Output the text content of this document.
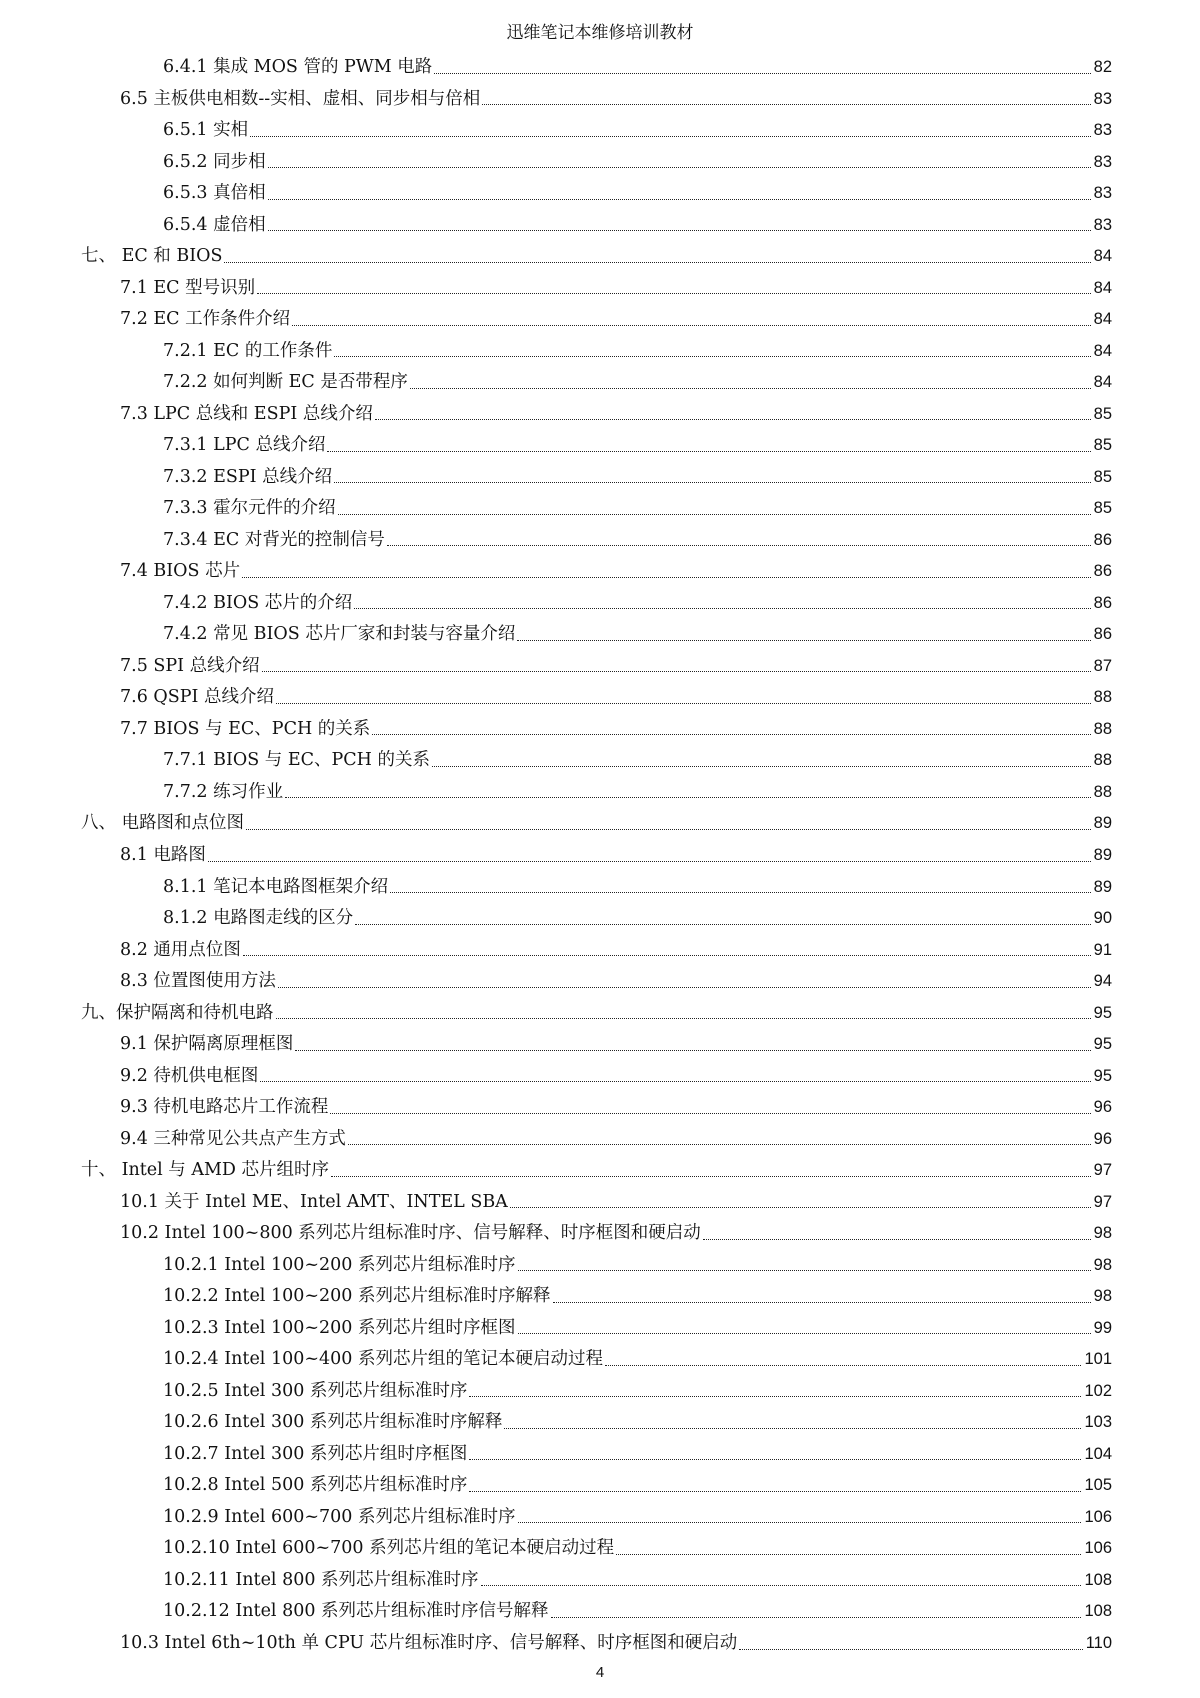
迅维笔记本维修培训教材
6.4.1 集成 MOS 管的 PWM 电路	82
6.5 主板供电相数--实相、虚相、同步相与倍相	83
6.5.1 实相	83
6.5.2 同步相	83
6.5.3 真倍相	83
6.5.4 虚倍相	83
七、 EC 和 BIOS	84
7.1 EC 型号识别	84
7.2 EC 工作条件介绍	84
7.2.1 EC 的工作条件	84
7.2.2 如何判断 EC 是否带程序	84
7.3 LPC 总线和 ESPI 总线介绍	85
7.3.1 LPC 总线介绍	85
7.3.2 ESPI 总线介绍	85
7.3.3 霍尔元件的介绍	85
7.3.4 EC 对背光的控制信号	86
7.4 BIOS 芯片	86
7.4.2 BIOS 芯片的介绍	86
7.4.2 常见 BIOS 芯片厂家和封装与容量介绍	86
7.5 SPI 总线介绍	87
7.6 QSPI 总线介绍	88
7.7 BIOS 与 EC、PCH 的关系	88
7.7.1 BIOS 与 EC、PCH 的关系	88
7.7.2 练习作业	88
八、 电路图和点位图	89
8.1 电路图	89
8.1.1 笔记本电路图框架介绍	89
8.1.2 电路图走线的区分	90
8.2 通用点位图	91
8.3 位置图使用方法	94
九、保护隔离和待机电路	95
9.1 保护隔离原理框图	95
9.2 待机供电框图	95
9.3 待机电路芯片工作流程	96
9.4 三种常见公共点产生方式	96
十、 Intel 与 AMD 芯片组时序	97
10.1 关于 Intel ME、Intel AMT、INTEL SBA	97
10.2 Intel 100~800 系列芯片组标准时序、信号解释、时序框图和硬启动	98
10.2.1 Intel 100~200 系列芯片组标准时序	98
10.2.2 Intel 100~200 系列芯片组标准时序解释	98
10.2.3 Intel 100~200 系列芯片组时序框图	99
10.2.4 Intel 100~400 系列芯片组的笔记本硬启动过程	101
10.2.5 Intel 300 系列芯片组标准时序	102
10.2.6 Intel 300 系列芯片组标准时序解释	103
10.2.7 Intel 300 系列芯片组时序框图	104
10.2.8 Intel 500 系列芯片组标准时序	105
10.2.9 Intel 600~700 系列芯片组标准时序	106
10.2.10 Intel 600~700 系列芯片组的笔记本硬启动过程	106
10.2.11 Intel 800 系列芯片组标准时序	108
10.2.12 Intel 800 系列芯片组标准时序信号解释	108
10.3 Intel 6th~10th 单 CPU 芯片组标准时序、信号解释、时序框图和硬启动	110
4
